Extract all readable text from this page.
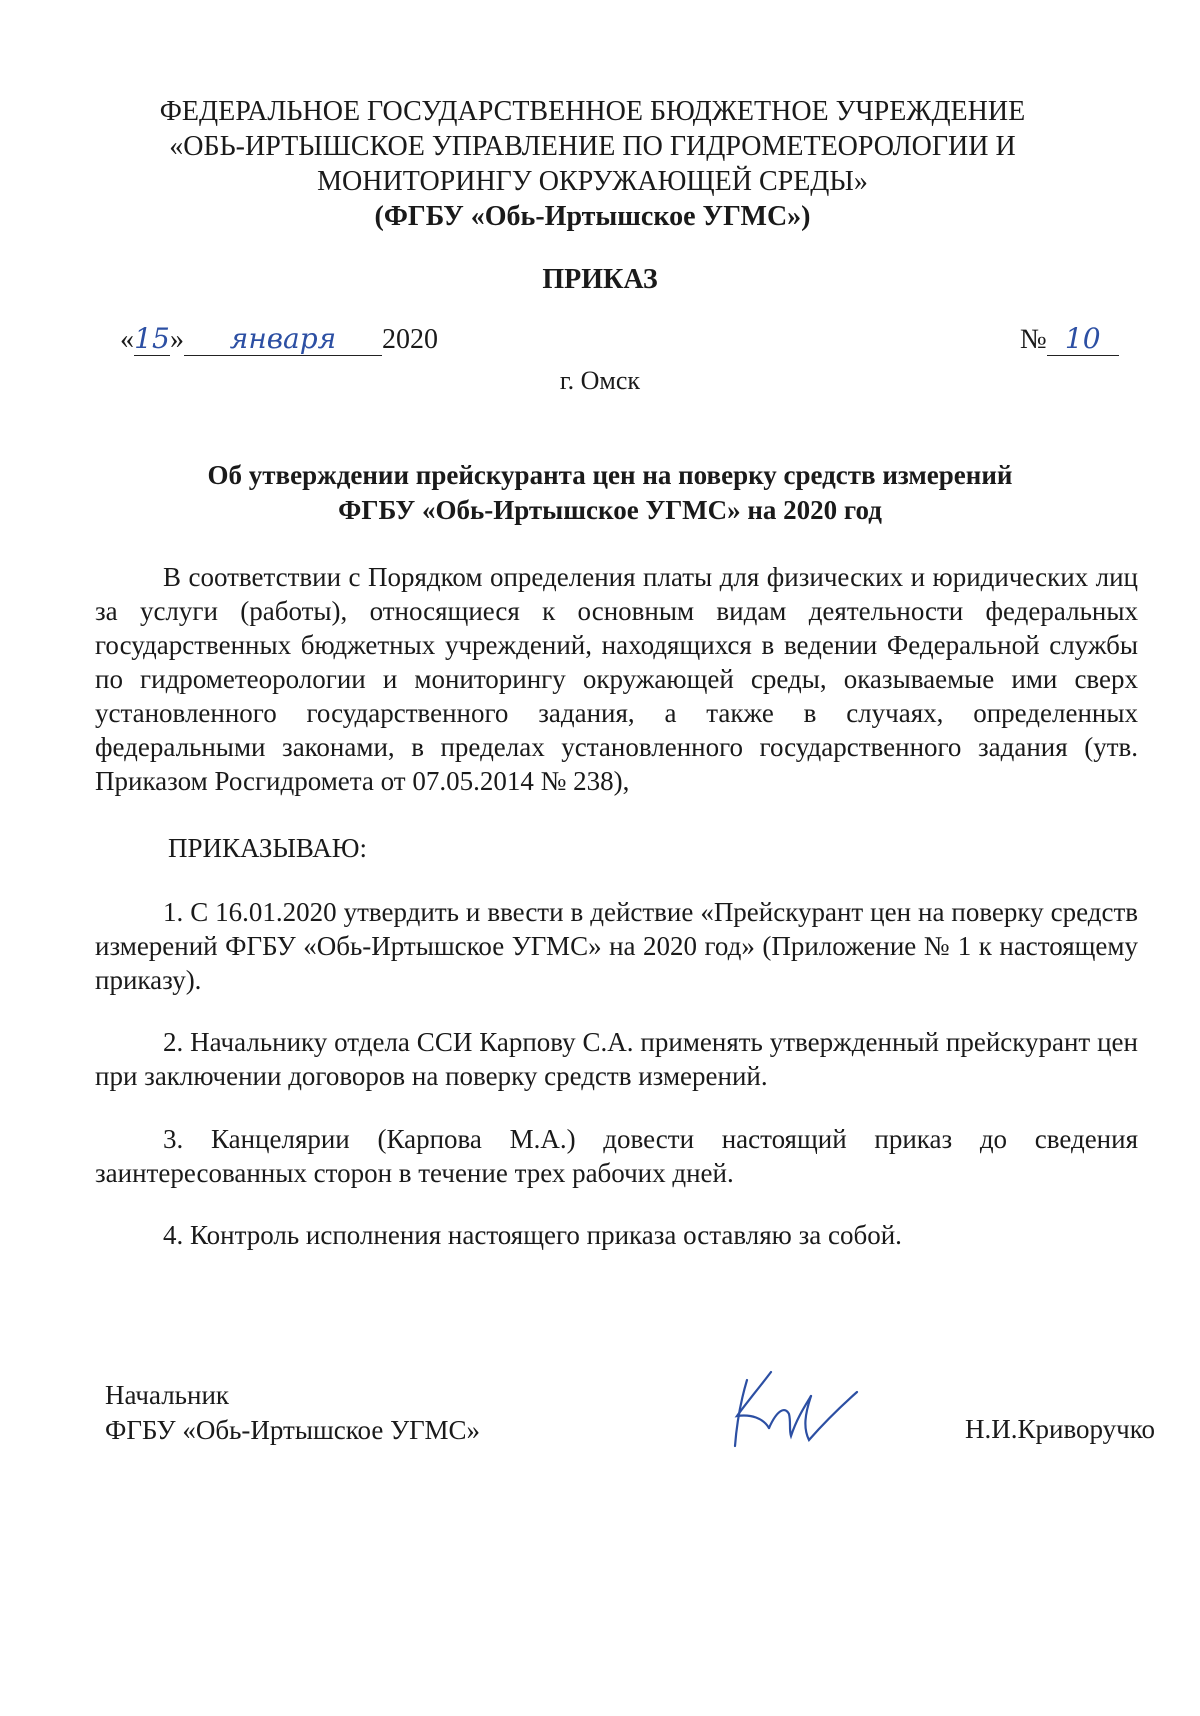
ФЕДЕРАЛЬНОЕ ГОСУДАРСТВЕННОЕ БЮДЖЕТНОЕ УЧРЕЖДЕНИЕ
«ОБЬ-ИРТЫШСКОЕ УПРАВЛЕНИЕ ПО ГИДРОМЕТЕОРОЛОГИИ И
МОНИТОРИНГУ ОКРУЖАЮЩЕЙ СРЕДЫ»
(ФГБУ «Обь-Иртышское УГМС»)
ПРИКАЗ
«15» января 2020	№ 10
г. Омск
Об утверждении прейскуранта цен на поверку средств измерений
ФГБУ «Обь-Иртышское УГМС» на 2020 год

В соответствии с Порядком определения платы для физических и юридических лиц за услуги (работы), относящиеся к основным видам деятельности федеральных государственных бюджетных учреждений, находящихся в ведении Федеральной службы по гидрометеорологии и мониторингу окружающей среды, оказываемые ими сверх установленного государственного задания, а также в случаях, определенных федеральными законами, в пределах установленного государственного задания (утв. Приказом Росгидромета от 07.05.2014 № 238),

ПРИКАЗЫВАЮ:

1. С 16.01.2020 утвердить и ввести в действие «Прейскурант цен на поверку средств измерений ФГБУ «Обь-Иртышское УГМС» на 2020 год» (Приложение № 1 к настоящему приказу).

2. Начальнику отдела ССИ Карпову С.А. применять утвержденный прейскурант цен при заключении договоров на поверку средств измерений.

3. Канцелярии (Карпова М.А.) довести настоящий приказ до сведения заинтересованных сторон в течение трех рабочих дней.

4. Контроль исполнения настоящего приказа оставляю за собой.

Начальник
ФГБУ «Обь-Иртышское УГМС»	Н.И.Криворучко
